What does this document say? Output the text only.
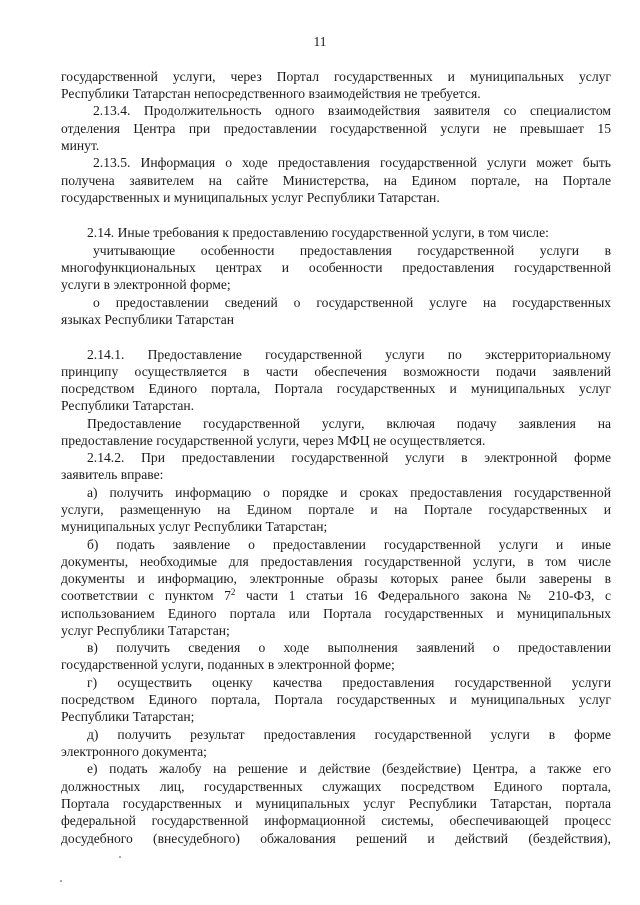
11
государственной услуги, через Портал государственных и муниципальных услуг
Республики Татарстан непосредственного взаимодействия не требуется.
2.13.4. Продолжительность одного взаимодействия заявителя со специалистом
отделения Центра при предоставлении государственной услуги не превышает 15
минут.
2.13.5. Информация о ходе предоставления государственной услуги может быть
получена заявителем на сайте Министерства, на Едином портале, на Портале
государственных и муниципальных услуг Республики Татарстан.
2.14. Иные требования к предоставлению государственной услуги, в том числе:
учитывающие особенности предоставления государственной услуги в
многофункциональных центрах и особенности предоставления государственной
услуги в электронной форме;
о предоставлении сведений о государственной услуге на государственных
языках Республики Татарстан
2.14.1. Предоставление государственной услуги по экстерриториальному
принципу осуществляется в части обеспечения возможности подачи заявлений
посредством Единого портала, Портала государственных и муниципальных услуг
Республики Татарстан.
Предоставление государственной услуги, включая подачу заявления на
предоставление государственной услуги, через МФЦ не осуществляется.
2.14.2. При предоставлении государственной услуги в электронной форме
заявитель вправе:
а) получить информацию о порядке и сроках предоставления государственной
услуги, размещенную на Едином портале и на Портале государственных и
муниципальных услуг Республики Татарстан;
б) подать заявление о предоставлении государственной услуги и иные
документы, необходимые для предоставления государственной услуги, в том числе
документы и информацию, электронные образы которых ранее были заверены в
соответствии с пунктом $7^2$ части 1 статьи 16 Федерального закона № 210-ФЗ, с
использованием Единого портала или Портала государственных и муниципальных
услуг Республики Татарстан;
в) получить сведения о ходе выполнения заявлений о предоставлении
государственной услуги, поданных в электронной форме;
г) осуществить оценку качества предоставления государственной услуги
посредством Единого портала, Портала государственных и муниципальных услуг
Республики Татарстан;
д) получить результат предоставления государственной услуги в форме
электронного документа;
е) подать жалобу на решение и действие (бездействие) Центра, а также его
должностных лиц, государственных служащих посредством Единого портала,
Портала государственных и муниципальных услуг Республики Татарстан, портала
федеральной государственной информационной системы, обеспечивающей процесс
досудебного (внесудебного) обжалования решений и действий (бездействия),
